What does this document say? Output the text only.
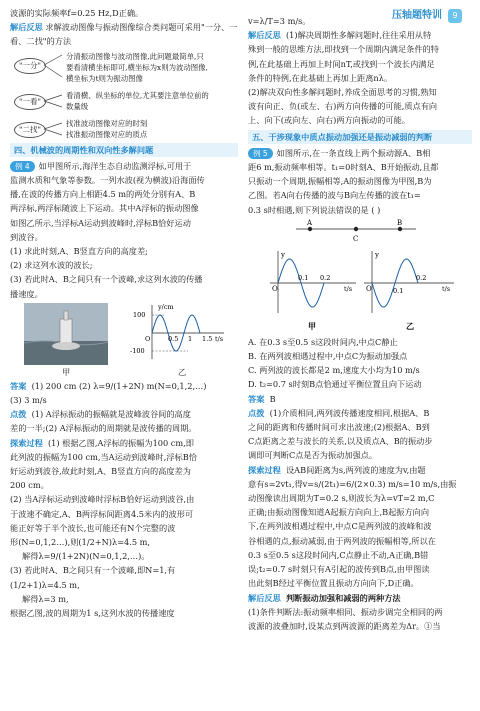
压轴题特训	9

波源的实际频率f=0.25 Hz,D正确。

解后反思 求解波动图像与振动图像综合类问题可采用"一分、一看、二找"的方法

"一分"
"一看"
"二找"
分清振动图像与波动图像,此问题最简单,只
要看清横坐标即可,横坐标为x则为波动图像,
横坐标为t则为振动图像
看清横、纵坐标的单位,尤其要注意单位前的
数量级
找准波动图像对应的时刻
找准振动图像对应的质点
四、机械波的周期性和双向性多解问题

例 4 如甲图所示,海洋生态自动监测浮标,可用于

监测水质和气象等参数。一列水波(视为横波)沿海面传

播,在波的传播方向上相距4.5 m的两处分别有A、B

两浮标,两浮标随波上下运动。其中A浮标的振动图像

如图乙所示,当浮标A运动到波峰时,浮标B恰好运动

到波谷。

(1) 求此时刻,A、B竖直方向的高度差;

(2) 求这列水波的波长;

(3) 若此时A、B之间只有一个波峰,求这列水波的传播

播速度。

甲
y/cm
100
-100
O	0.5 1 1.5 t/s
乙

答案 (1) 200 cm (2) λ=9/(1+2N) m(N=0,1,2,…)

(3) 3 m/s

点拨 (1) A浮标振动的振幅就是波峰波谷间的高度

差的一半;(2) A浮标振动的周期就是波传播的周期。

探索过程 (1) 根据乙图,A浮标的振幅为100 cm,即

此列波的振幅为100 cm,当A运动到波峰时,浮标B恰

好运动到波谷,故此时刻,A、B竖直方向的高度差为

200 cm。

(2) 当A浮标运动到波峰时浮标B恰好运动到波谷,由

于波速不确定,A、B两浮标间距离4.5米内的波形可

能正好等于半个波长,也可能还有N个完整的波

形(N=0,1,2…),则(1/2+N)λ=4.5 m,

解得λ=9/(1+2N)(N=0,1,2,…)。

(3) 若此时A、B之间只有一个波峰,即N=1,有

(1/2+1)λ=4.5 m,

解得λ=3 m,

根据乙图,波的周期为1 s,这列水波的传播速度

v=λ/T=3 m/s。

解后反思 (1)解决周期性多解问题时,往往采用从特

殊到一般的思维方法,即找到一个周期内满足条件的特

例,在此基础上再加上时间nT,或找到一个波长内满足

条件的特例,在此基础上再加上距离nλ。

(2)解决双向性多解问题时,养成全面思考的习惯,熟知

波有向正、负(或左、右)两方向传播的可能,质点有向

上、向下(或向左、向右)两方向振动的可能。

五、干涉现象中质点振动加强还是振动减弱的判断

例 5 如图所示,在一条直线上两个振动源A、B相

距6 m,振动频率相等。t₁=0时刻A、B开始振动,且都

只振动一个周期,振幅相等,A的振动图像为甲图,B为

乙图。若A向右传播的波与B向左传播的波在t₁=

0.3 s时相遇,则下列说法错误的是 ( )

A
C
B
y
O
0.1 0.2
t/s
甲
y
O	0.1
0.2
t/s
乙

A. 在0.3 s至0.5 s这段时间内,中点C静止

B. 在两列波相遇过程中,中点C为振动加强点

C. 两列波的波长都是2 m,速度大小均为10 m/s

D. t₂=0.7 s时刻B点恰通过平衡位置且向下运动

答案 B

点拨 (1)介质相同,两列波传播速度相同,根据A、B

之间的距离和传播时间可求出波速;(2)根据A、B到

C点距离之差与波长的关系,以及质点A、B的振动步

调即可判断C点是否为振动加强点。

探索过程 设AB间距离为s,两列波的速度为v,由题

意有s=2vt₁,得v=s/(2t₁)=6/(2×0.3) m/s=10 m/s,由振

动图像读出周期为T=0.2 s,则波长为λ=vT=2 m,C

正确;由振动图像知道A起振方向向上,B起振方向向

下,在两列波相遇过程中,中点C是两列波的波峰和波

谷相遇的点,振动减弱,由于两列波的振幅相等,所以在

0.3 s至0.5 s这段时间内,C点静止不动,A正确,B错

误;t₂=0.7 s时刻只有A引起的波传到B点,由甲图读

出此刻B经过平衡位置且振动方向向下,D正确。

解后反思 判断振动加强和减弱的两种方法

(1)条件判断法:振动频率相同、振动步调完全相同的两

波源的波叠加时,设某点到两波源的距离差为Δr。①当
